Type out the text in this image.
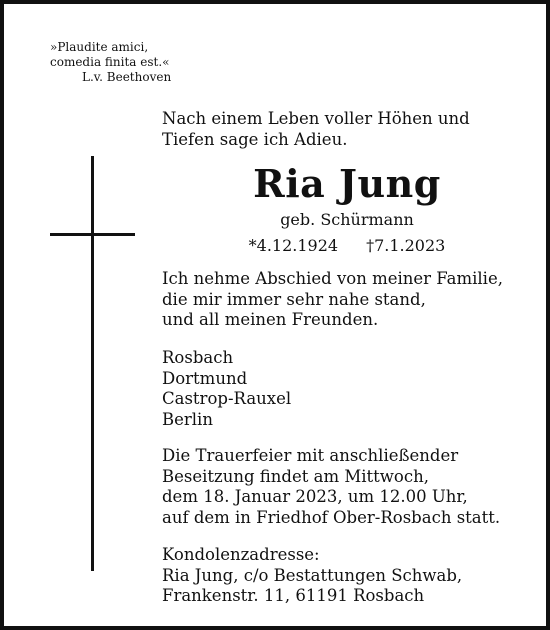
»Plaudite amici,
comedia finita est.«
L.v. Beethoven
Nach einem Leben voller Höhen und
Tiefen sage ich Adieu.
Ria Jung
geb. Schürmann
*4.12.1924 †7.1.2023
Ich nehme Abschied von meiner Familie,
die mir immer sehr nahe stand,
und all meinen Freunden.
Rosbach
Dortmund
Castrop-Rauxel
Berlin
Die Trauerfeier mit anschließender
Beseitzung findet am Mittwoch,
dem 18. Januar 2023, um 12.00 Uhr,
auf dem in Friedhof Ober-Rosbach statt.
Kondolenzadresse:
Ria Jung, c/o Bestattungen Schwab,
Frankenstr. 11, 61191 Rosbach
